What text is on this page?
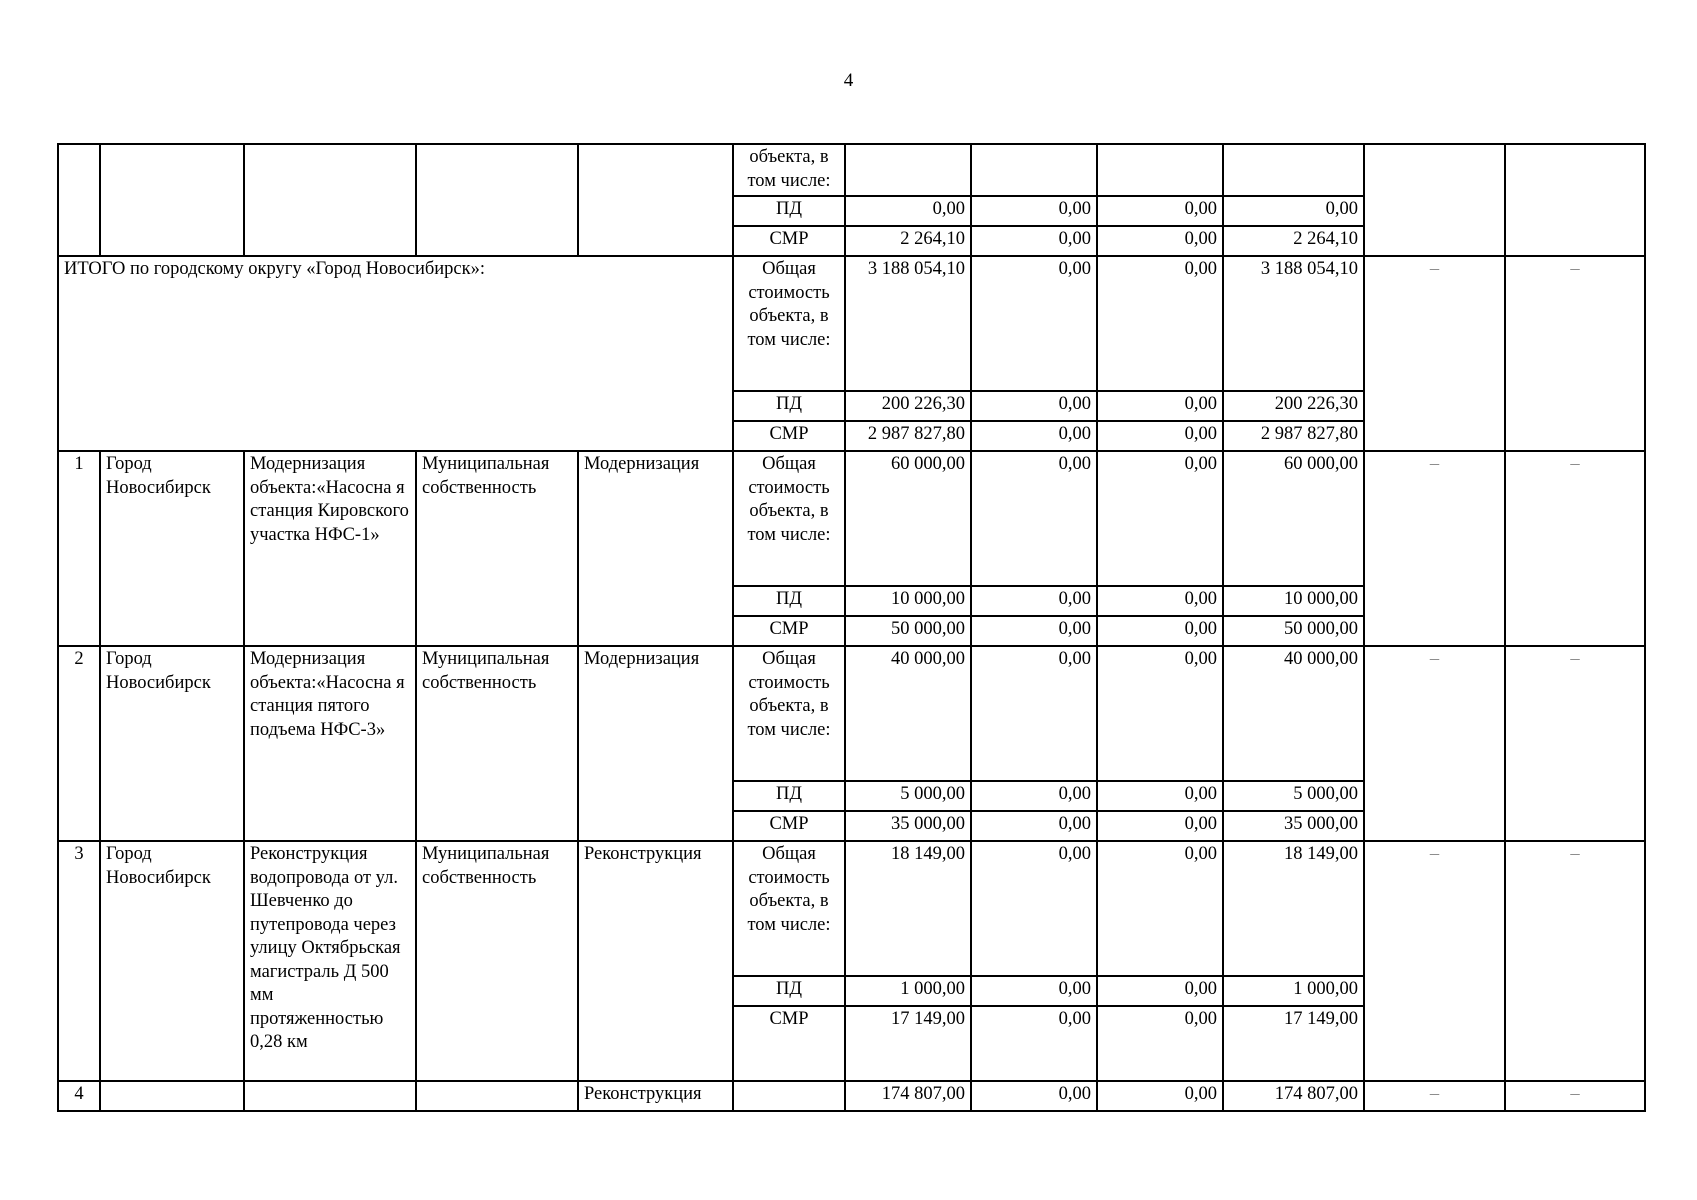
4
					объекта, в том числе:						
					ПД	0,00	0,00	0,00	0,00		
					СМР	2 264,10	0,00	0,00	2 264,10		
ИТОГО по городскому округу «Город Новосибирск»:					Общая стоимость объекта, в том числе:	3 188 054,10	0,00	0,00	3 188 054,10	–	–
					ПД	200 226,30	0,00	0,00	200 226,30		
					СМР	2 987 827,80	0,00	0,00	2 987 827,80		
1	Город Новосибирск	Модернизация объекта:«Насосна я станция Кировского участка НФС-1»	Муниципальная собственность	Модернизация	Общая стоимость объекта, в том числе:	60 000,00	0,00	0,00	60 000,00	–	–
					ПД	10 000,00	0,00	0,00	10 000,00		
					СМР	50 000,00	0,00	0,00	50 000,00		
2	Город Новосибирск	Модернизация объекта:«Насосна я станция пятого подъема НФС-3»	Муниципальная собственность	Модернизация	Общая стоимость объекта, в том числе:	40 000,00	0,00	0,00	40 000,00	–	–
					ПД	5 000,00	0,00	0,00	5 000,00		
					СМР	35 000,00	0,00	0,00	35 000,00		
3	Город Новосибирск	Реконструкция водопровода от ул. Шевченко до путепровода через улицу Октябрьская магистраль Д 500 мм протяженностью 0,28 км	Муниципальная собственность	Реконструкция	Общая стоимость объекта, в том числе:	18 149,00	0,00	0,00	18 149,00	–	–
					ПД	1 000,00	0,00	0,00	1 000,00		
					СМР	17 149,00	0,00	0,00	17 149,00		
4				Реконструкция		174 807,00	0,00	0,00	174 807,00	–	–
